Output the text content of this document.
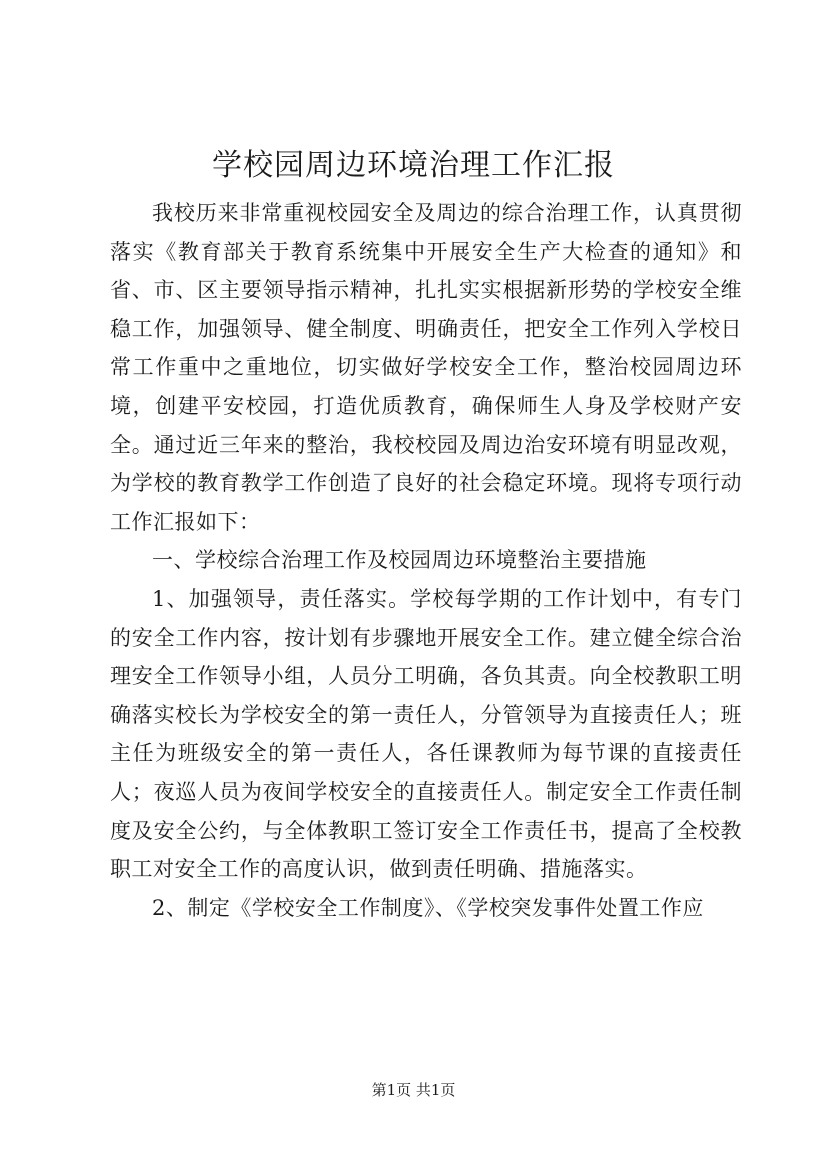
学校园周边环境治理工作汇报

我校历来非常重视校园安全及周边的综合治理工作，认真贯彻落实《教育部关于教育系统集中开展安全生产大检查的通知》和省、市、区主要领导指示精神，扎扎实实根据新形势的学校安全维稳工作，加强领导、健全制度、明确责任，把安全工作列入学校日常工作重中之重地位，切实做好学校安全工作，整治校园周边环境，创建平安校园，打造优质教育，确保师生人身及学校财产安全。通过近三年来的整治，我校校园及周边治安环境有明显改观，为学校的教育教学工作创造了良好的社会稳定环境。现将专项行动工作汇报如下：

一、学校综合治理工作及校园周边环境整治主要措施

1、加强领导，责任落实。学校每学期的工作计划中，有专门的安全工作内容，按计划有步骤地开展安全工作。建立健全综合治理安全工作领导小组，人员分工明确，各负其责。向全校教职工明确落实校长为学校安全的第一责任人，分管领导为直接责任人；班主任为班级安全的第一责任人，各任课教师为每节课的直接责任人；夜巡人员为夜间学校安全的直接责任人。制定安全工作责任制度及安全公约，与全体教职工签订安全工作责任书，提高了全校教职工对安全工作的高度认识，做到责任明确、措施落实。

2、制定《学校安全工作制度》、《学校突发事件处置工作应

第1页 共1页
